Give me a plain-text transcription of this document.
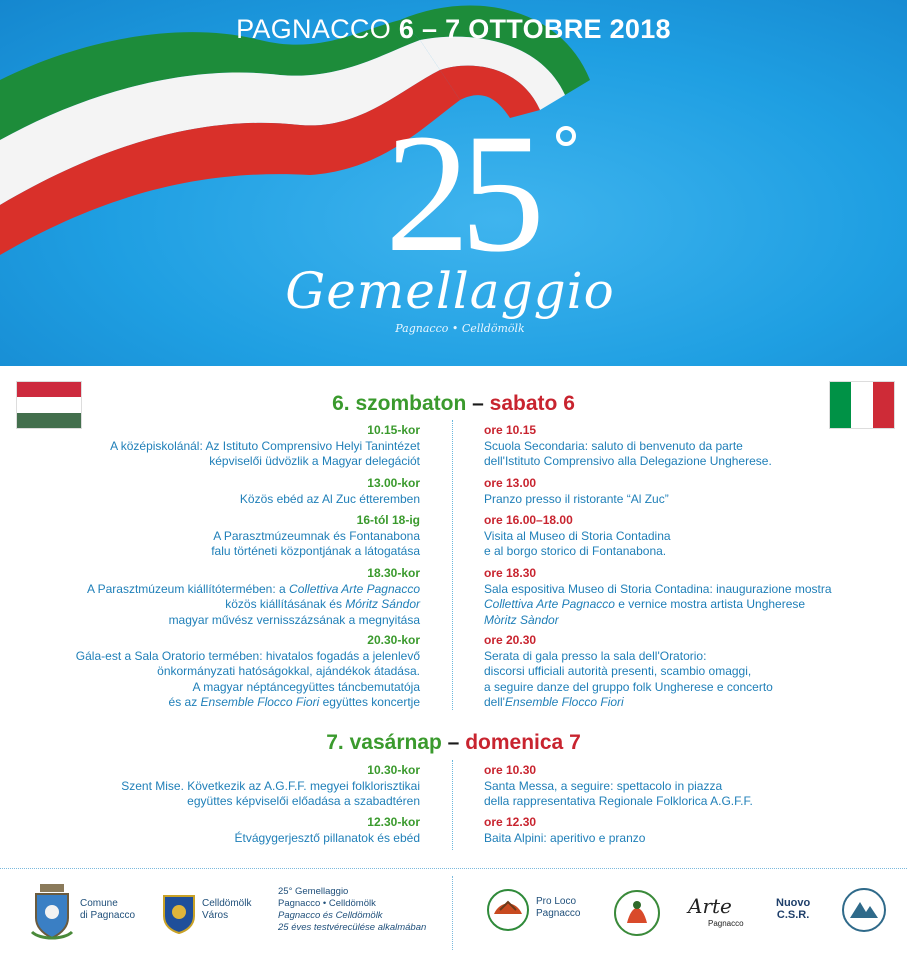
PAGNACCO 6 – 7 OTTOBRE 2018
25
Gemellaggio
Pagnacco • Celldömölk
6. szombaton – sabato 6
10.15-kor
A középiskolánál: Az Istituto Comprensivo Helyi Tanintézet
képviselői üdvözlik a Magyar delegációt
ore 10.15
Scuola Secondaria: saluto di benvenuto da parte
dell'Istituto Comprensivo alla Delegazione Ungherese.
13.00-kor
Közös ebéd az Al Zuc étteremben
ore 13.00
Pranzo presso il ristorante “Al Zuc”
16-tól 18-ig
A Parasztmúzeumnak és Fontanabona
falu történeti központjának a látogatása
ore 16.00–18.00
Visita al Museo di Storia Contadina
e al borgo storico di Fontanabona.
18.30-kor
A Parasztmúzeum kiállítótermében: a Collettiva Arte Pagnacco
közös kiállításának és Móritz Sándor
magyar művész vernisszázsának a megnyitása
ore 18.30
Sala espositiva Museo di Storia Contadina: inaugurazione mostra
Collettiva Arte Pagnacco e vernice mostra artista Ungherese
Mòritz Sàndor
20.30-kor
Gála-est a Sala Oratorio termében: hivatalos fogadás a jelenlevő
önkormányzati hatóságokkal, ajándékok átadása.
A magyar néptáncegyüttes táncbemutatója
és az Ensemble Flocco Fiori együttes koncertje
ore 20.30
Serata di gala presso la sala dell'Oratorio:
discorsi ufficiali autorità presenti, scambio omaggi,
a seguire danze del gruppo folk Ungherese e concerto
dell'Ensemble Flocco Fiori
7. vasárnap – domenica 7
10.30-kor
Szent Mise. Következik az A.G.F.F. megyei folklorisztikai
együttes képviselői előadása a szabadtéren
ore 10.30
Santa Messa, a seguire: spettacolo in piazza
della rappresentativa Regionale Folklorica A.G.F.F.
12.30-kor
Étvágygerjesztő pillanatok és ebéd
ore 12.30
Baita Alpini: aperitivo e pranzo
Comune
di Pagnacco
Celldömölk
Város
25° Gemellaggio
Pagnacco • Celldömölk
Pagnacco és Celldömölk
25 éves testvérесülése alkalmában
Pro Loco
Pagnacco	Arte
Pagnacco
Nuovo
C.S.R.
